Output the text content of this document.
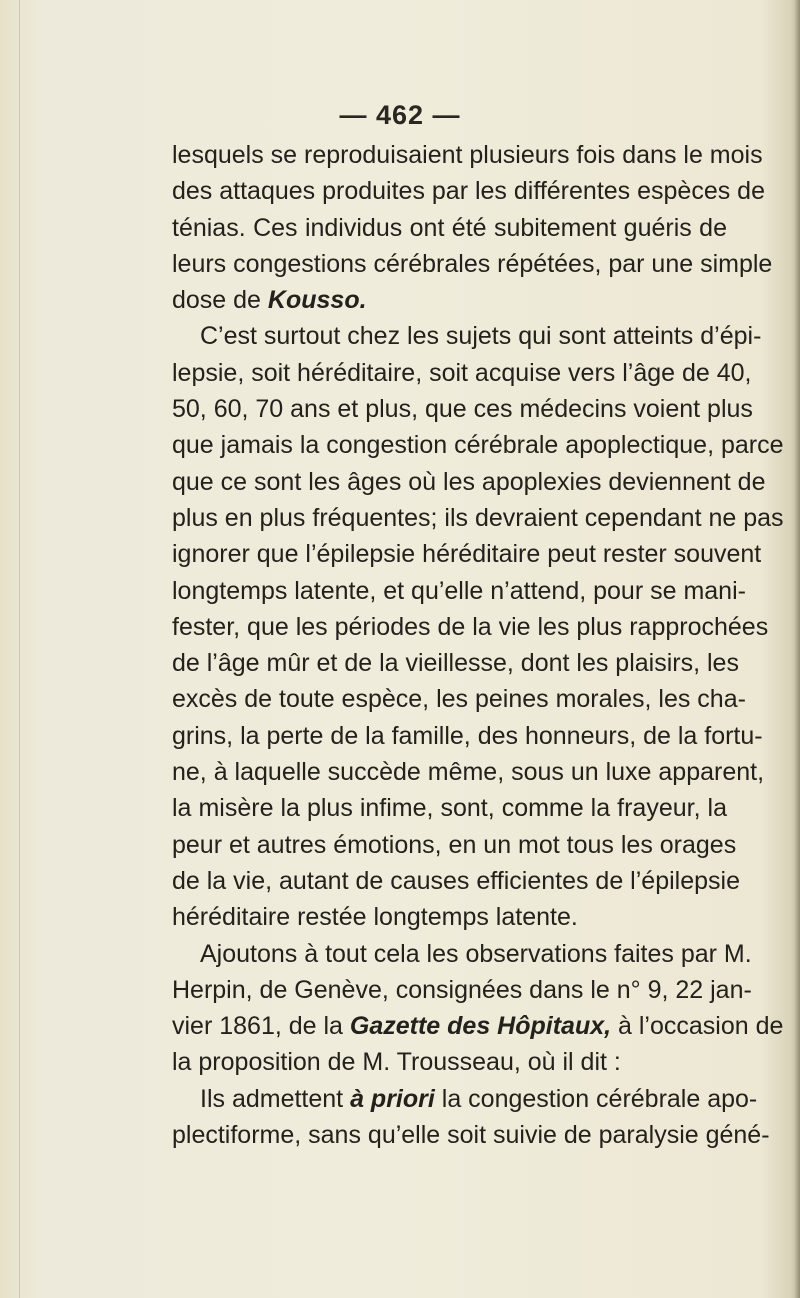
— 462 —
lesquels se reproduisaient plusieurs fois dans le mois
des attaques produites par les différentes espèces de
ténias. Ces individus ont été subitement guéris de
leurs congestions cérébrales répétées, par une simple
dose de Kousso.
C’est surtout chez les sujets qui sont atteints d’épi-
lepsie, soit héréditaire, soit acquise vers l’âge de 40,
50, 60, 70 ans et plus, que ces médecins voient plus
que jamais la congestion cérébrale apoplectique, parce
que ce sont les âges où les apoplexies deviennent de
plus en plus fréquentes; ils devraient cependant ne pas
ignorer que l’épilepsie héréditaire peut rester souvent
longtemps latente, et qu’elle n’attend, pour se mani-
fester, que les périodes de la vie les plus rapprochées
de l’âge mûr et de la vieillesse, dont les plaisirs, les
excès de toute espèce, les peines morales, les cha-
grins, la perte de la famille, des honneurs, de la fortu-
ne, à laquelle succède même, sous un luxe apparent,
la misère la plus infime, sont, comme la frayeur, la
peur et autres émotions, en un mot tous les orages
de la vie, autant de causes efficientes de l’épilepsie
héréditaire restée longtemps latente.
Ajoutons à tout cela les observations faites par M.
Herpin, de Genève, consignées dans le n° 9, 22 jan-
vier 1861, de la Gazette des Hôpitaux, à l’occasion de
la proposition de M. Trousseau, où il dit :
Ils admettent à priori la congestion cérébrale apo-
plectiforme, sans qu’elle soit suivie de paralysie géné-
